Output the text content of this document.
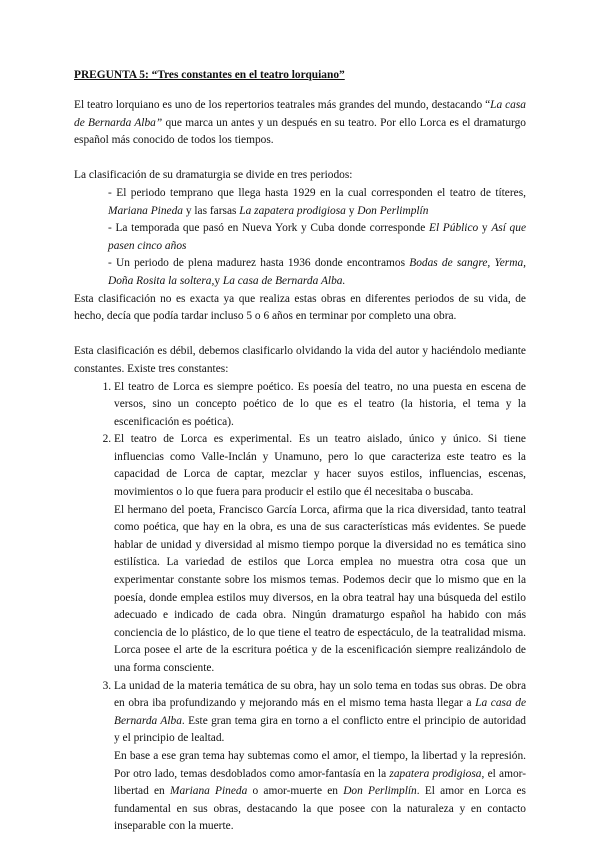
PREGUNTA 5: “Tres constantes en el teatro lorquiano”

El teatro lorquiano es uno de los repertorios teatrales más grandes del mundo, destacando “La casa de Bernarda Alba” que marca un antes y un después en su teatro. Por ello Lorca es el dramaturgo español más conocido de todos los tiempos.

La clasificación de su dramaturgia se divide en tres periodos:

- El periodo temprano que llega hasta 1929 en la cual corresponden el teatro de títeres, Mariana Pineda y las farsas La zapatera prodigiosa y Don Perlimplín

- La temporada que pasó en Nueva York y Cuba donde corresponde El Público y Así que pasen cinco años

- Un periodo de plena madurez hasta 1936 donde encontramos Bodas de sangre, Yerma, Doña Rosita la soltera,y La casa de Bernarda Alba.

Esta clasificación no es exacta ya que realiza estas obras en diferentes periodos de su vida, de hecho, decía que podía tardar incluso 5 o 6 años en terminar por completo una obra.

Esta clasificación es débil, debemos clasificarlo olvidando la vida del autor y haciéndolo mediante constantes. Existe tres constantes:

1. El teatro de Lorca es siempre poético. Es poesía del teatro, no una puesta en escena de versos, sino un concepto poético de lo que es el teatro (la historia, el tema y la escenificación es poética).

2. El teatro de Lorca es experimental. Es un teatro aislado, único y único. Si tiene influencias como Valle-Inclán y Unamuno, pero lo que caracteriza este teatro es la capacidad de Lorca de captar, mezclar y hacer suyos estilos, influencias, escenas, movimientos o lo que fuera para producir el estilo que él necesitaba o buscaba.

El hermano del poeta, Francisco García Lorca, afirma que la rica diversidad, tanto teatral como poética, que hay en la obra, es una de sus características más evidentes. Se puede hablar de unidad y diversidad al mismo tiempo porque la diversidad no es temática sino estilística. La variedad de estilos que Lorca emplea no muestra otra cosa que un experimentar constante sobre los mismos temas. Podemos decir que lo mismo que en la poesía, donde emplea estilos muy diversos, en la obra teatral hay una búsqueda del estilo adecuado e indicado de cada obra. Ningún dramaturgo español ha habido con más conciencia de lo plástico, de lo que tiene el teatro de espectáculo, de la teatralidad misma. Lorca posee el arte de la escritura poética y de la escenificación siempre realizándolo de una forma consciente.

3. La unidad de la materia temática de su obra, hay un solo tema en todas sus obras. De obra en obra iba profundizando y mejorando más en el mismo tema hasta llegar a La casa de Bernarda Alba. Este gran tema gira en torno a el conflicto entre el principio de autoridad y el principio de lealtad.

En base a ese gran tema hay subtemas como el amor, el tiempo, la libertad y la represión. Por otro lado, temas desdoblados como amor-fantasía en la zapatera prodigiosa, el amor-libertad en Mariana Pineda o amor-muerte en Don Perlimplín. El amor en Lorca es fundamental en sus obras, destacando la que posee con la naturaleza y en contacto inseparable con la muerte.
